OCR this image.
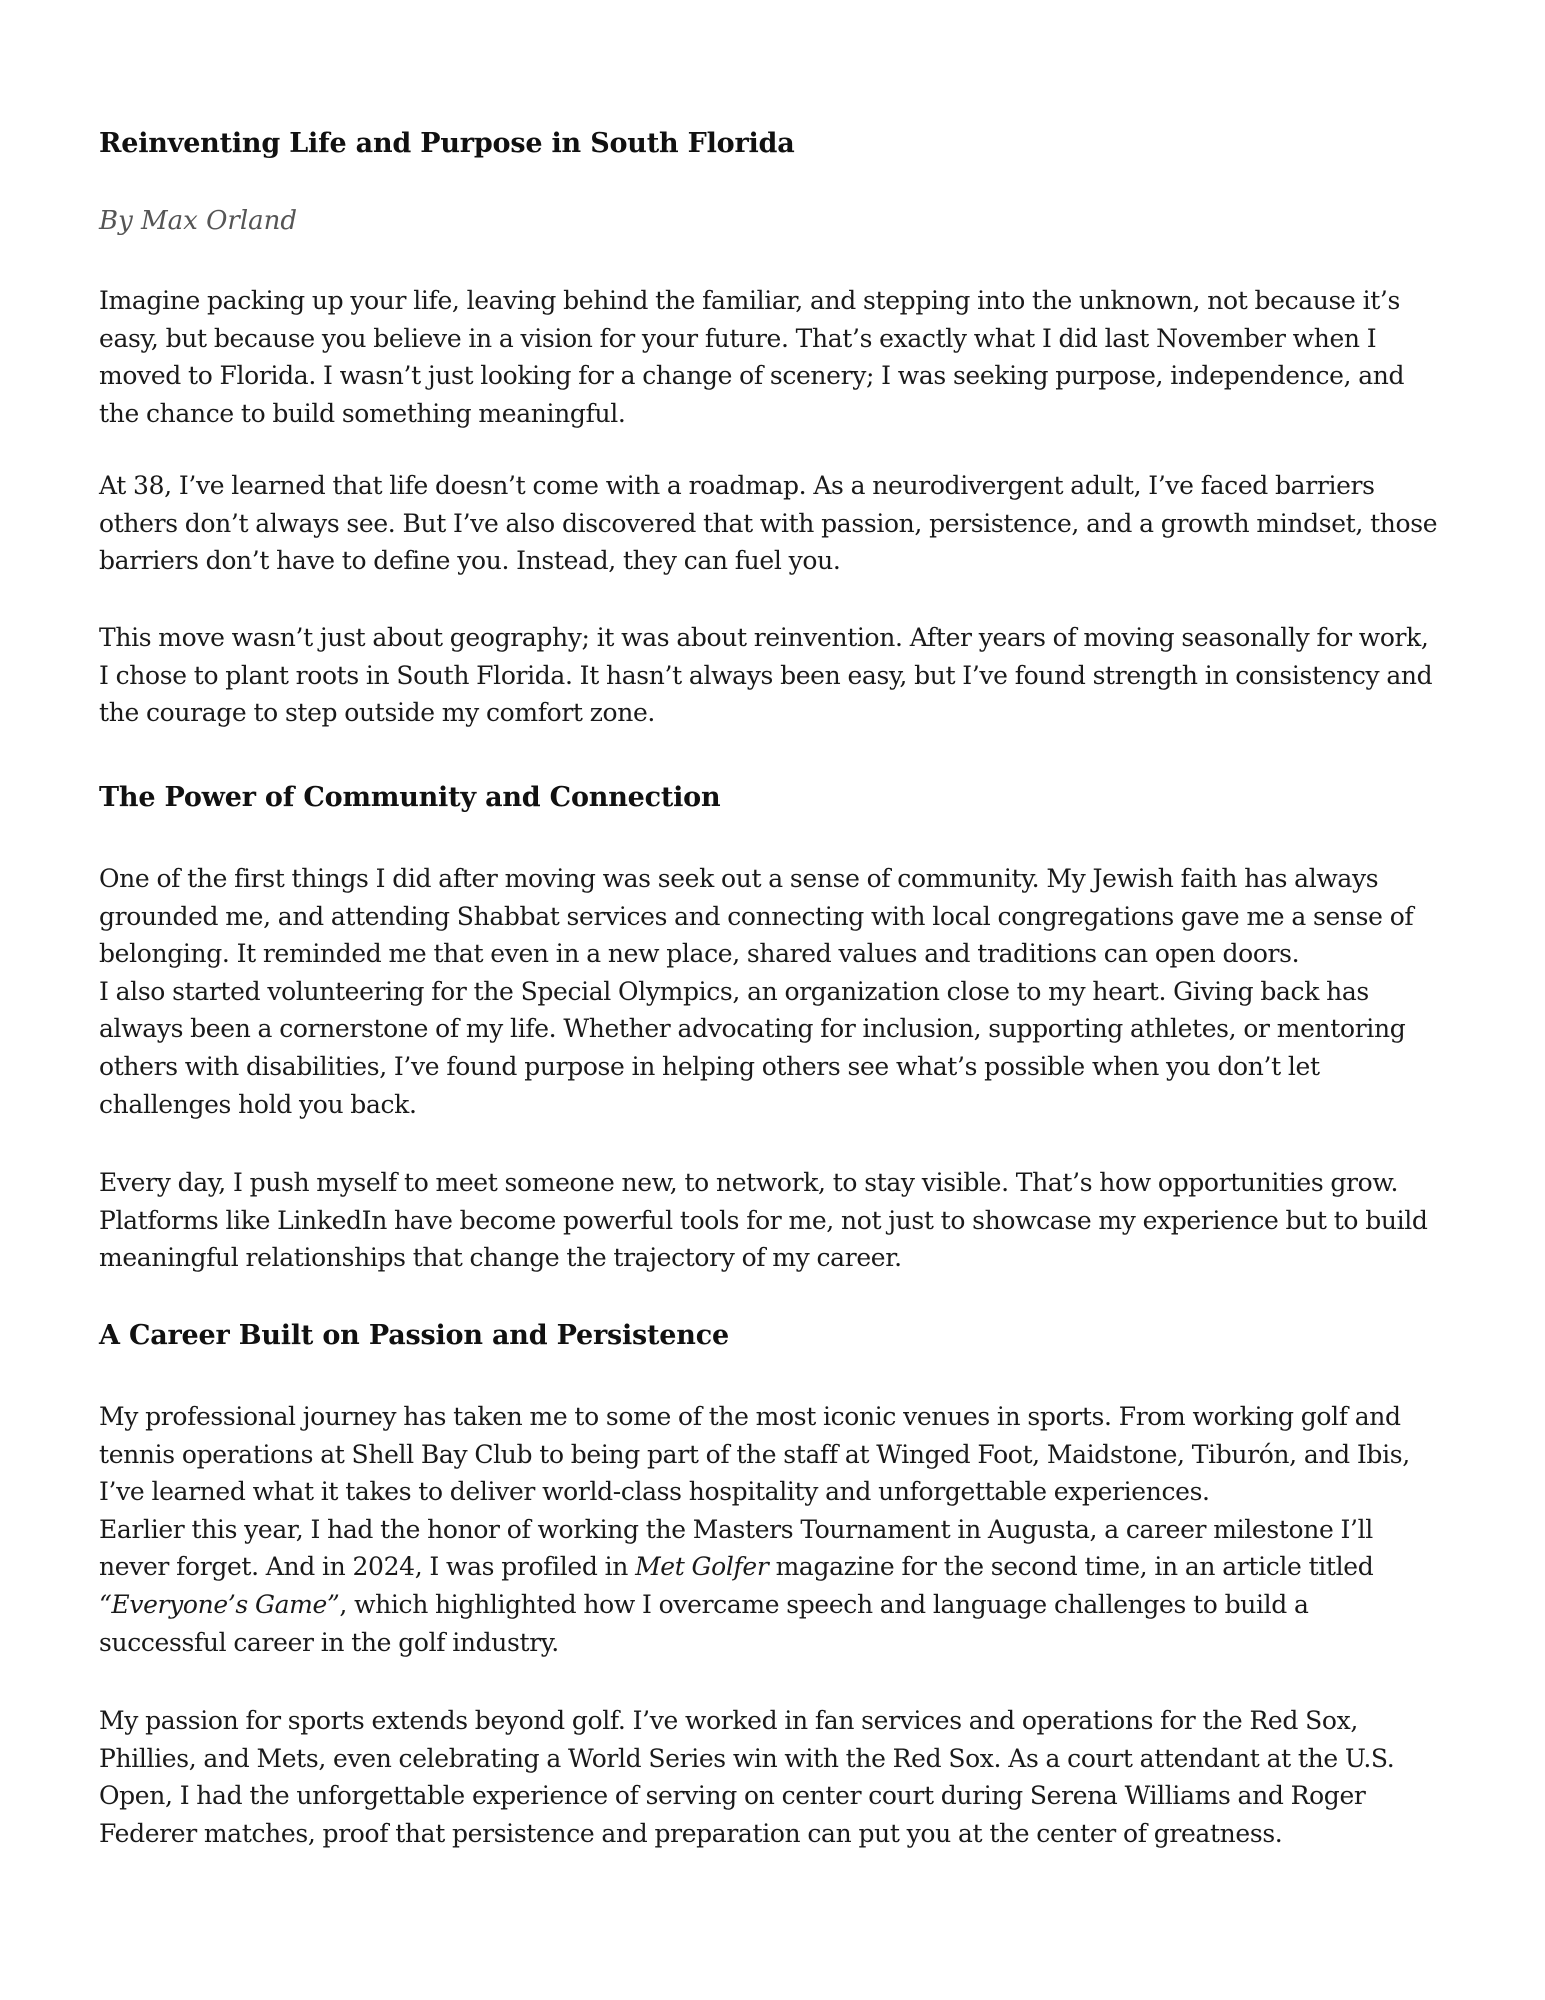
Reinventing Life and Purpose in South Florida

By Max Orland

Imagine packing up your life, leaving behind the familiar, and stepping into the unknown, not because it’s easy, but because you believe in a vision for your future. That’s exactly what I did last November when I moved to Florida. I wasn’t just looking for a change of scenery; I was seeking purpose, independence, and the chance to build something meaningful.

At 38, I’ve learned that life doesn’t come with a roadmap. As a neurodivergent adult, I’ve faced barriers others don’t always see. But I’ve also discovered that with passion, persistence, and a growth mindset, those barriers don’t have to define you. Instead, they can fuel you.

This move wasn’t just about geography; it was about reinvention. After years of moving seasonally for work, I chose to plant roots in South Florida. It hasn’t always been easy, but I’ve found strength in consistency and the courage to step outside my comfort zone.

The Power of Community and Connection

One of the first things I did after moving was seek out a sense of community. My Jewish faith has always grounded me, and attending Shabbat services and connecting with local congregations gave me a sense of belonging. It reminded me that even in a new place, shared values and traditions can open doors.
I also started volunteering for the Special Olympics, an organization close to my heart. Giving back has always been a cornerstone of my life. Whether advocating for inclusion, supporting athletes, or mentoring others with disabilities, I’ve found purpose in helping others see what’s possible when you don’t let challenges hold you back.

Every day, I push myself to meet someone new, to network, to stay visible. That’s how opportunities grow. Platforms like LinkedIn have become powerful tools for me, not just to showcase my experience but to build meaningful relationships that change the trajectory of my career.

A Career Built on Passion and Persistence

My professional journey has taken me to some of the most iconic venues in sports. From working golf and tennis operations at Shell Bay Club to being part of the staff at Winged Foot, Maidstone, Tiburón, and Ibis, I’ve learned what it takes to deliver world-class hospitality and unforgettable experiences.
Earlier this year, I had the honor of working the Masters Tournament in Augusta, a career milestone I’ll never forget. And in 2024, I was profiled in Met Golfer magazine for the second time, in an article titled “Everyone’s Game”, which highlighted how I overcame speech and language challenges to build a successful career in the golf industry.

My passion for sports extends beyond golf. I’ve worked in fan services and operations for the Red Sox, Phillies, and Mets, even celebrating a World Series win with the Red Sox. As a court attendant at the U.S. Open, I had the unforgettable experience of serving on center court during Serena Williams and Roger Federer matches, proof that persistence and preparation can put you at the center of greatness.
